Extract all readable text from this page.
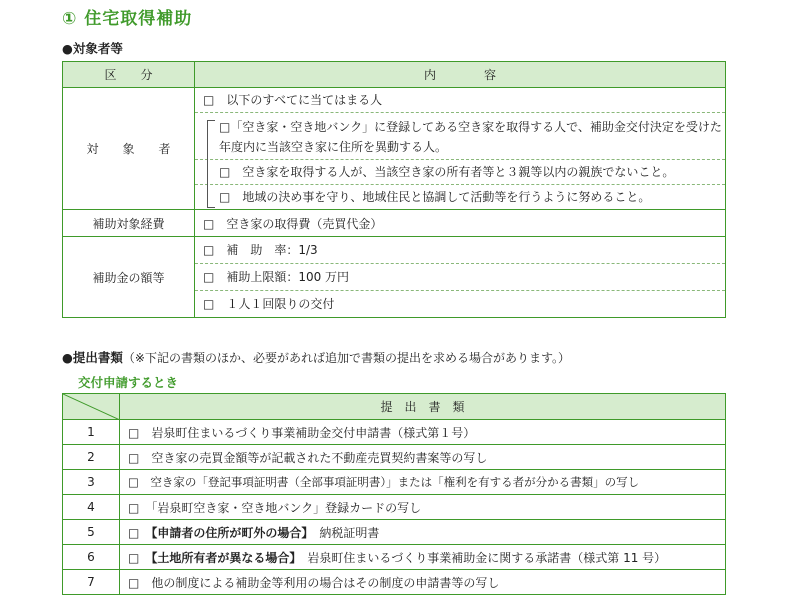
① 住宅取得補助
●対象者等
区　　分	内　　　　容
対　　象　　者	□　以下のすべてに当てはまる人
□「空き家・空き地バンク」に登録してある空き家を取得する人で、補助金交付決定を受けた年度内に当該空き家に住所を異動する人。
□　空き家を取得する人が、当該空き家の所有者等と３親等以内の親族でないこと。
□　地域の決め事を守り、地域住民と協調して活動等を行うように努めること。

補助対象経費	□　空き家の取得費（売買代金）
補助金の額等	□　補　助　率：1/3
□　補助上限額：100 万円
□　１人１回限りの交付
●提出書類（※下記の書類のほか、必要があれば追加で書類の提出を求める場合があります。）
交付申請するとき
	提　出　書　類
1	□　岩泉町住まいるづくり事業補助金交付申請書（様式第１号）
2	□　空き家の売買金額等が記載された不動産売買契約書案等の写し
3	□　空き家の「登記事項証明書（全部事項証明書）」または「権利を有する者が分かる書類」の写し
4	□　「岩泉町空き家・空き地バンク」登録カードの写し
5	□　【申請者の住所が町外の場合】　 納税証明書
6	□　【土地所有者が異なる場合】　 岩泉町住まいるづくり事業補助金に関する承諾書（様式第 11 号）
7	□　他の制度による補助金等利用の場合はその制度の申請書等の写し
